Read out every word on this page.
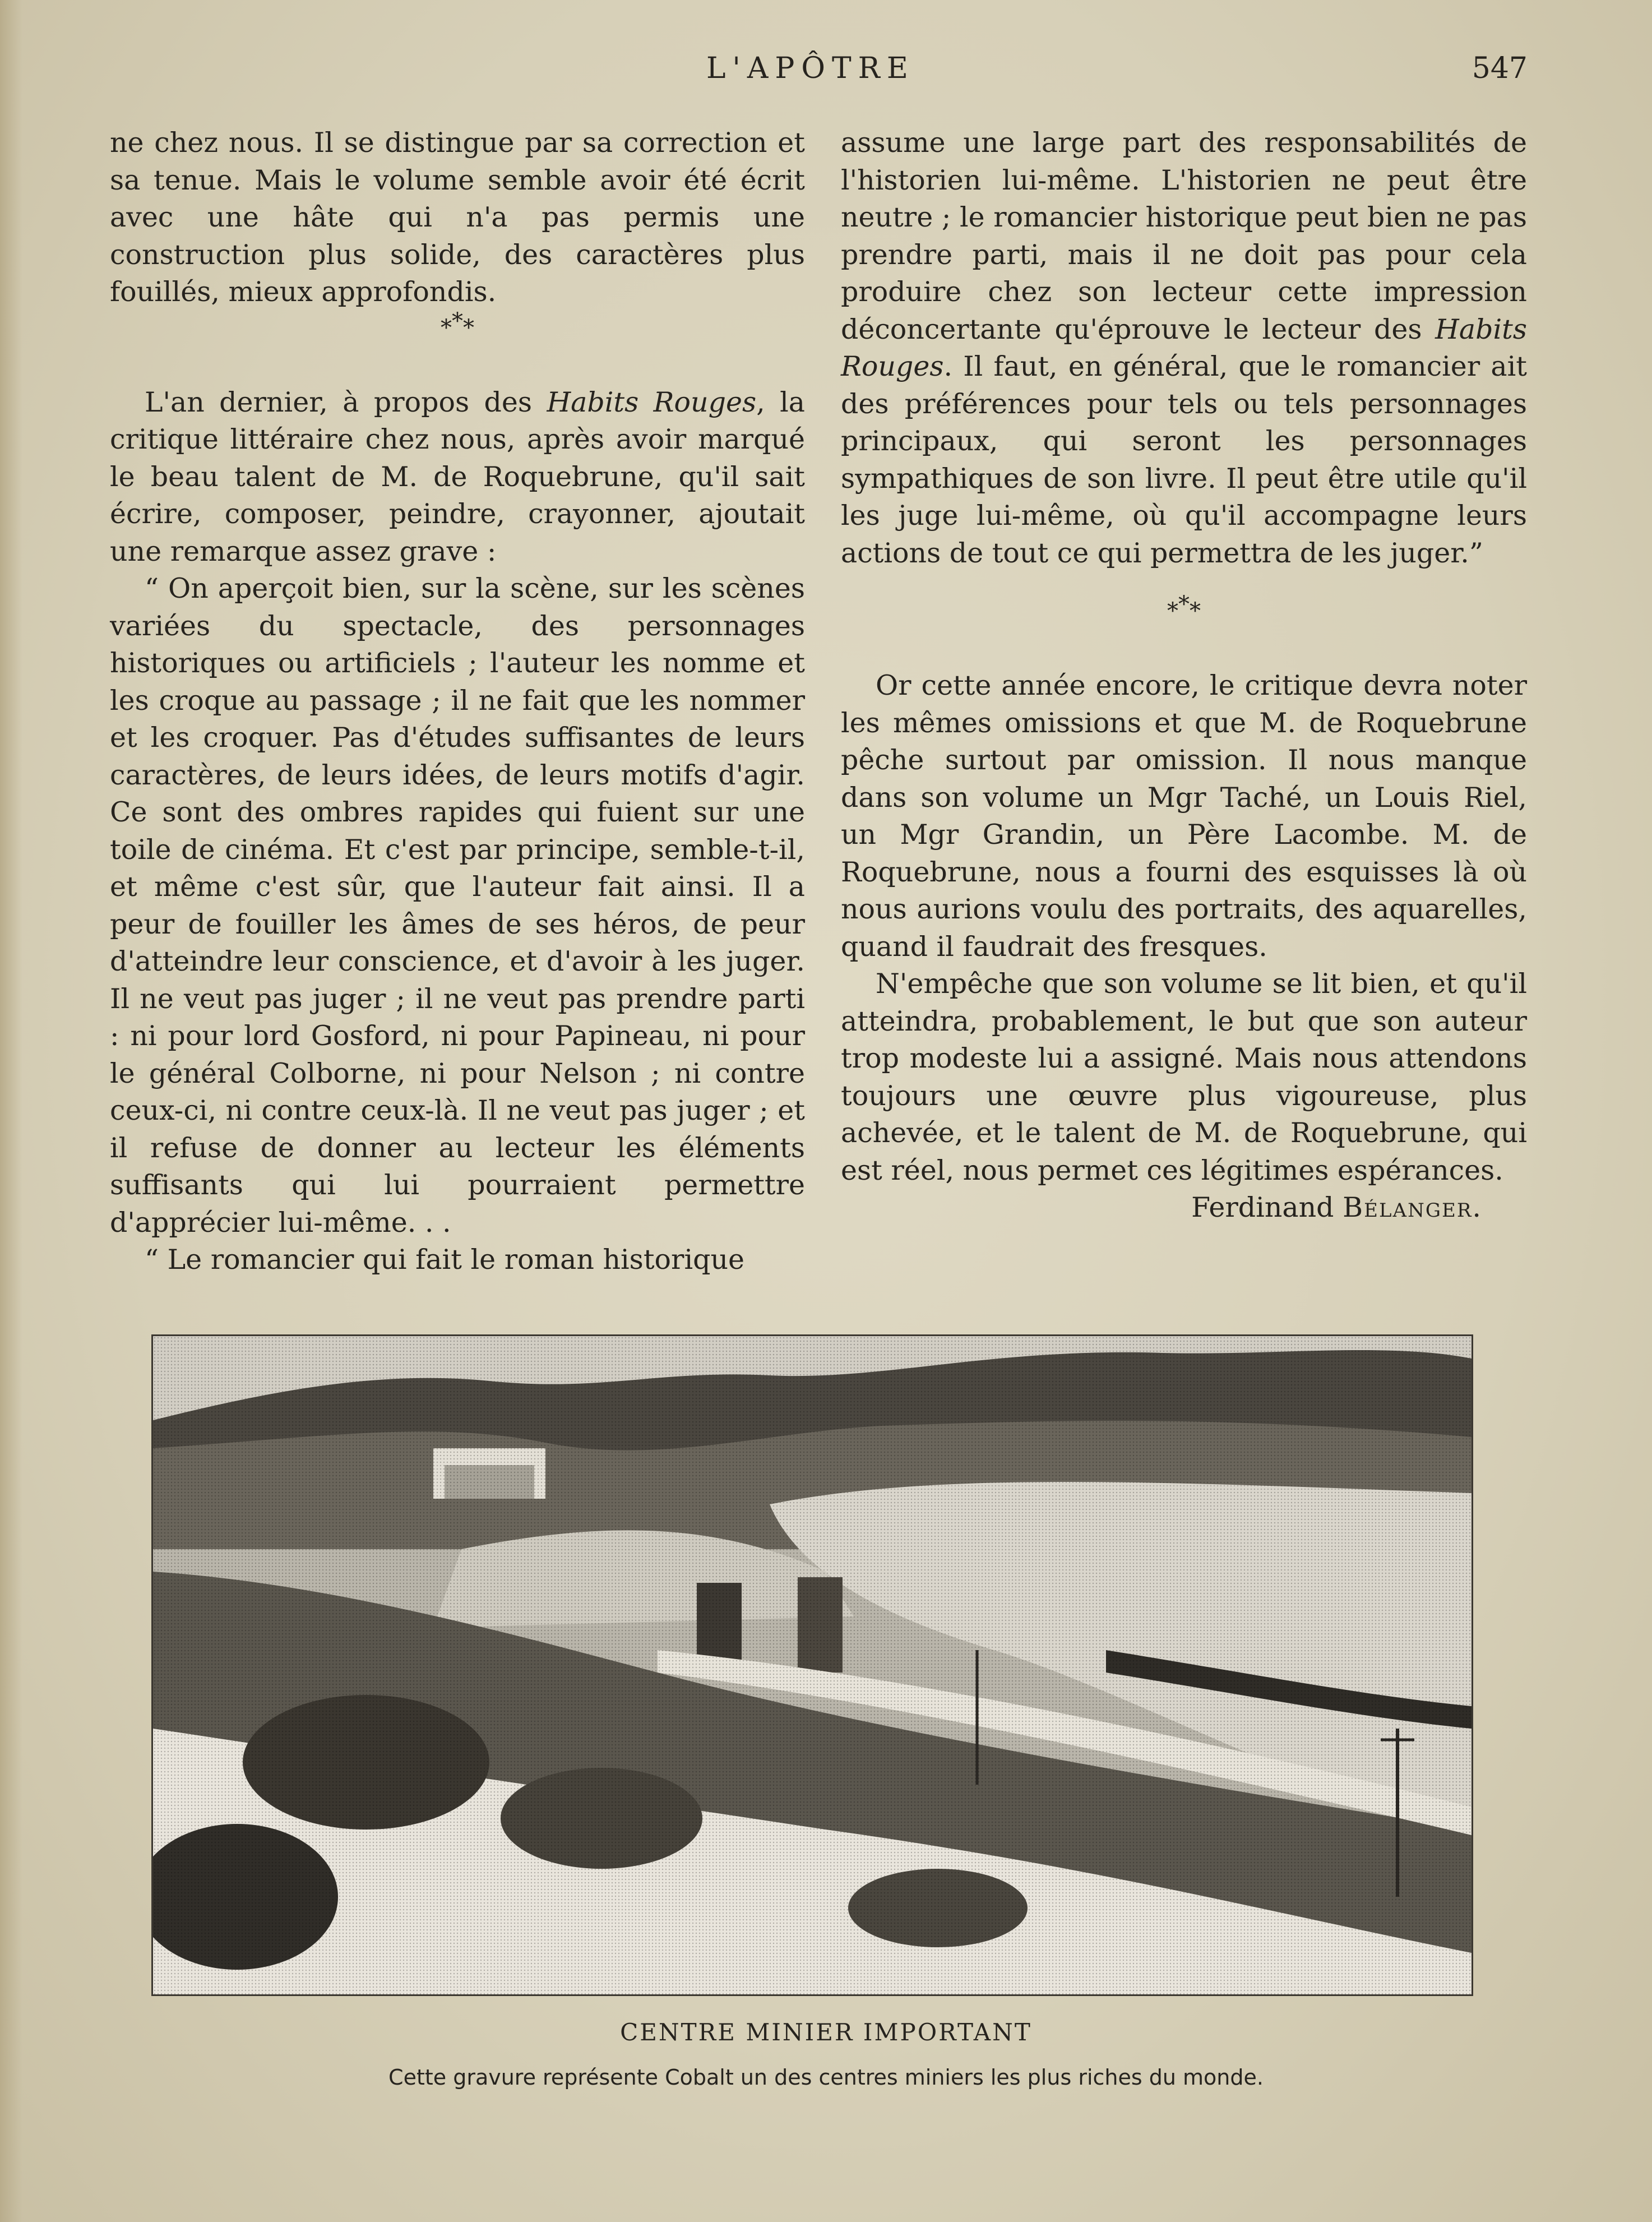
L'APÔTRE	547

ne chez nous. Il se distingue par sa correction et sa tenue. Mais le volume semble avoir été écrit avec une hâte qui n'a pas permis une construction plus solide, des caractères plus fouillés, mieux approfondis.

***

L'an dernier, à propos des Habits Rouges, la critique littéraire chez nous, après avoir marqué le beau talent de M. de Roquebrune, qu'il sait écrire, composer, peindre, crayonner, ajoutait une remarque assez grave :

“ On aperçoit bien, sur la scène, sur les scènes variées du spectacle, des personnages historiques ou artificiels ; l'auteur les nomme et les croque au passage ; il ne fait que les nommer et les croquer. Pas d'études suffisantes de leurs caractères, de leurs idées, de leurs motifs d'agir. Ce sont des ombres rapides qui fuient sur une toile de cinéma. Et c'est par principe, semble-t-il, et même c'est sûr, que l'auteur fait ainsi. Il a peur de fouiller les âmes de ses héros, de peur d'atteindre leur conscience, et d'avoir à les juger. Il ne veut pas juger ; il ne veut pas prendre parti : ni pour lord Gosford, ni pour Papineau, ni pour le général Colborne, ni pour Nelson ; ni contre ceux-ci, ni contre ceux-là. Il ne veut pas juger ; et il refuse de donner au lecteur les éléments suffisants qui lui pourraient permettre d'apprécier lui-même. . .

“ Le romancier qui fait le roman historique

assume une large part des responsabilités de l'historien lui-même. L'historien ne peut être neutre ; le romancier historique peut bien ne pas prendre parti, mais il ne doit pas pour cela produire chez son lecteur cette impression déconcertante qu'éprouve le lecteur des Habits Rouges. Il faut, en général, que le romancier ait des préférences pour tels ou tels personnages principaux, qui seront les personnages sympathiques de son livre. Il peut être utile qu'il les juge lui-même, où qu'il accompagne leurs actions de tout ce qui permettra de les juger.”

***

Or cette année encore, le critique devra noter les mêmes omissions et que M. de Roquebrune pêche surtout par omission. Il nous manque dans son volume un Mgr Taché, un Louis Riel, un Mgr Grandin, un Père Lacombe. M. de Roquebrune, nous a fourni des esquisses là où nous aurions voulu des portraits, des aquarelles, quand il faudrait des fresques.

N'empêche que son volume se lit bien, et qu'il atteindra, probablement, le but que son auteur trop modeste lui a assigné. Mais nous attendons toujours une œuvre plus vigoureuse, plus achevée, et le talent de M. de Roquebrune, qui est réel, nous permet ces légitimes espérances.

Ferdinand Bélanger.

CENTRE MINIER IMPORTANT
Cette gravure représente Cobalt un des centres miniers les plus riches du monde.
